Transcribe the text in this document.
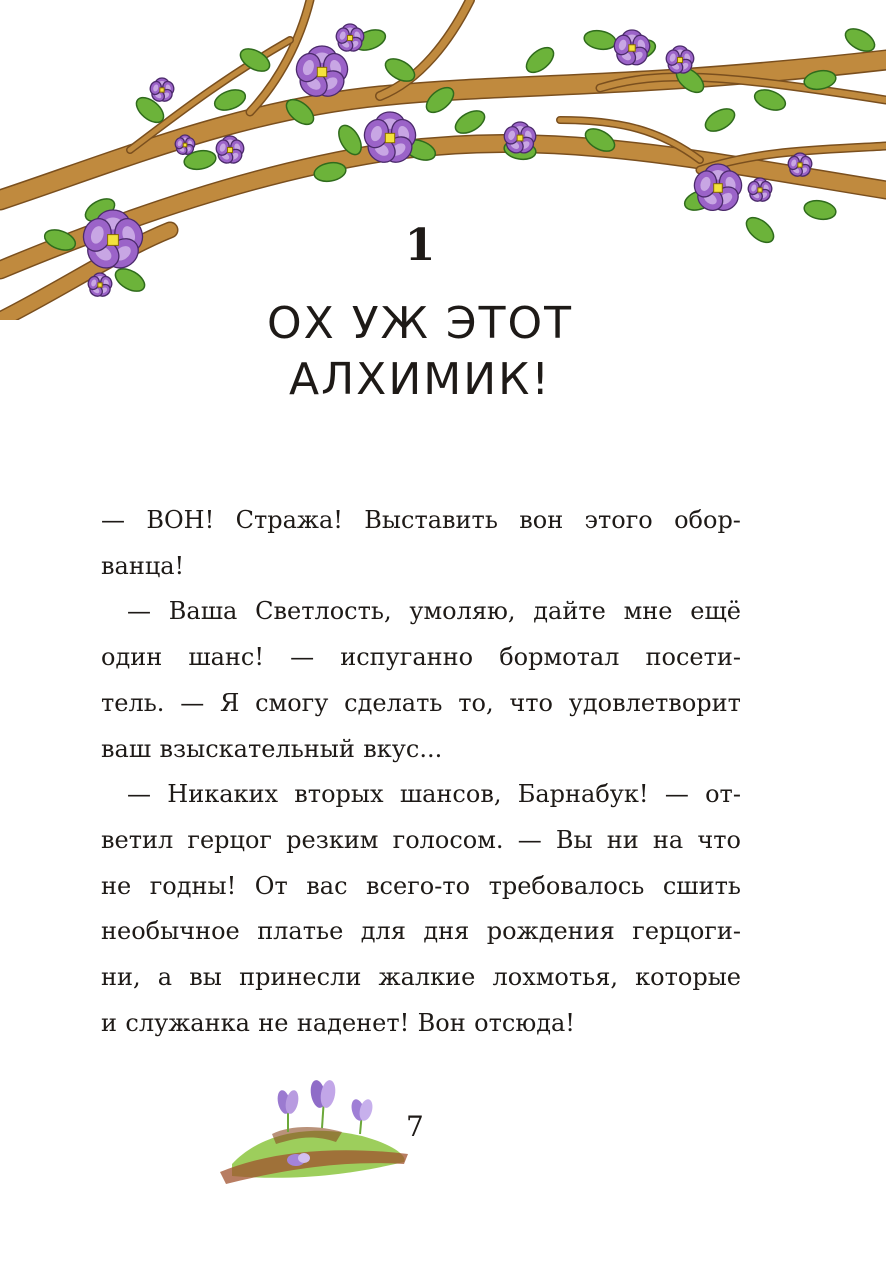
1
ОХ УЖ ЭТОТ
АЛХИМИК!
— ВОН! Стража! Выставить вон этого обор-
ванца!
— Ваша Светлость, умоляю, дайте мне ещё
один шанс! — испуганно бормотал посети-
тель. — Я смогу сделать то, что удовлетворит
ваш взыскательный вкус...
— Никаких вторых шансов, Барнабук! — от-
ветил герцог резким голосом. — Вы ни на что
не годны! От вас всего-то требовалось сшить
необычное платье для дня рождения герцоги-
ни, а вы принесли жалкие лохмотья, которые
и служанка не наденет! Вон отсюда!
7
